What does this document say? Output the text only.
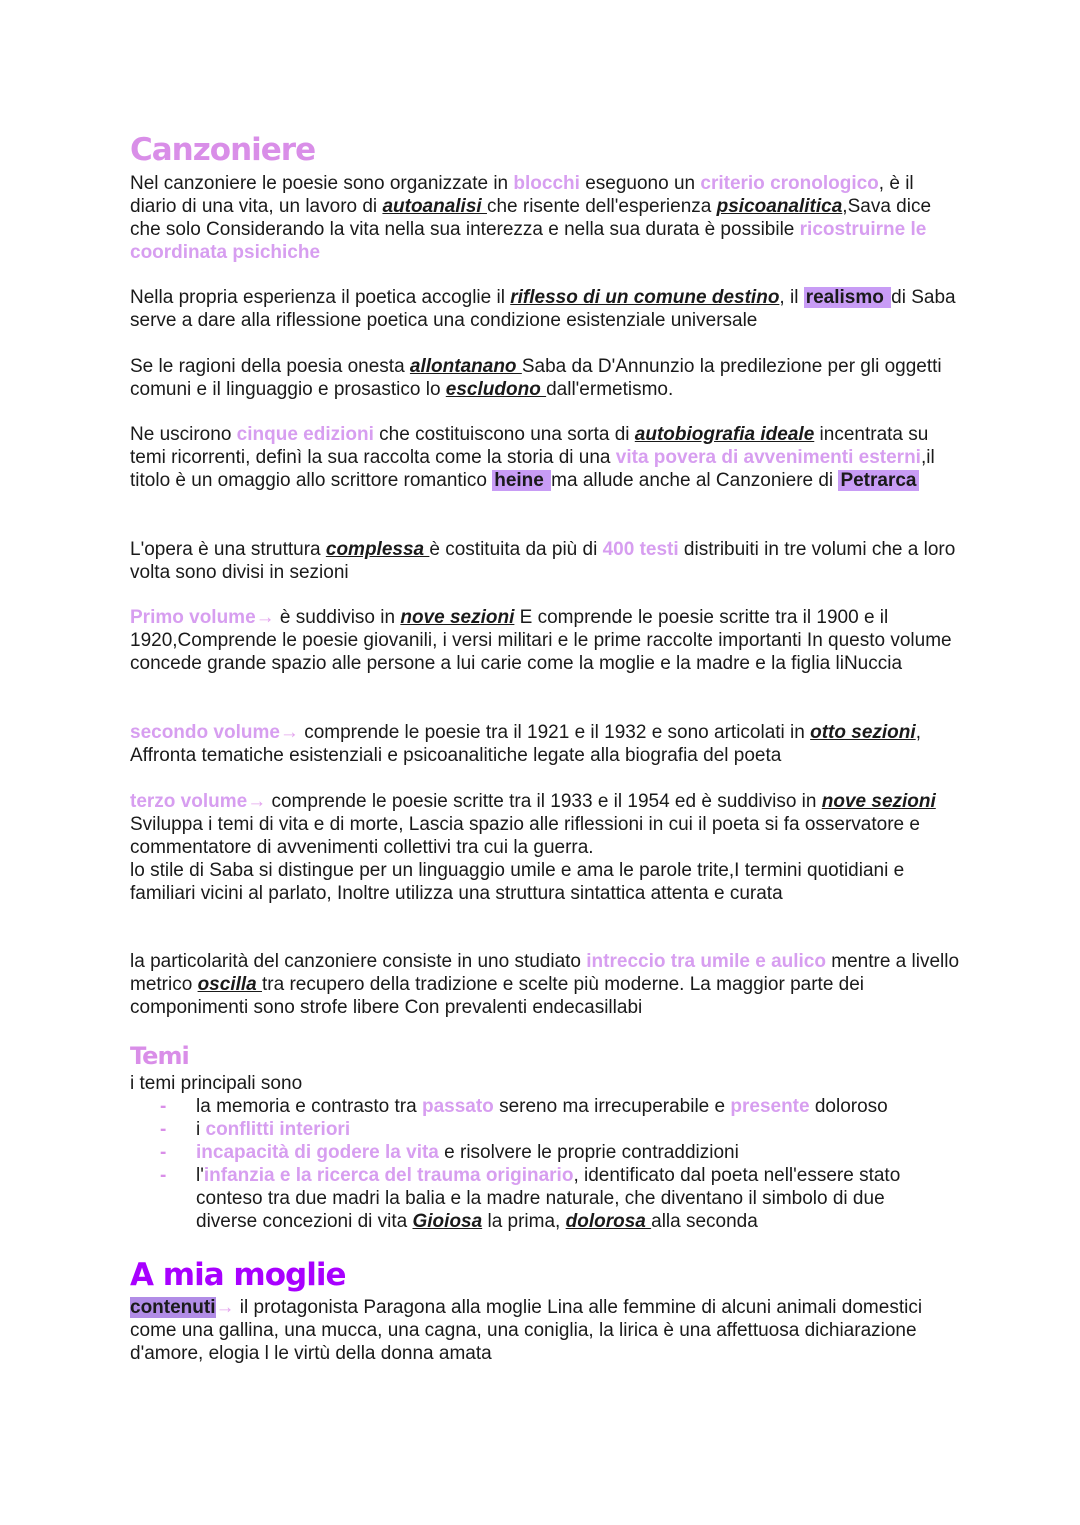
Canzoniere

Nel canzoniere le poesie sono organizzate in blocchi eseguono un criterio cronologico, è il diario di una vita, un lavoro di autoanalisi che risente dell'esperienza psicoanalitica,Sava dice che solo Considerando la vita nella sua interezza e nella sua durata è possibile ricostruirne le coordinata psichiche

Nella propria esperienza il poetica accoglie il riflesso di un comune destino, il realismo di Saba serve a dare alla riflessione poetica una condizione esistenziale universale

Se le ragioni della poesia onesta allontanano Saba da D'Annunzio la predilezione per gli oggetti comuni e il linguaggio e prosastico lo escludono dall'ermetismo.

Ne uscirono cinque edizioni che costituiscono una sorta di autobiografia ideale incentrata su temi ricorrenti, definì la sua raccolta come la storia di una vita povera di avvenimenti esterni,il titolo è un omaggio allo scrittore romantico heine ma allude anche al Canzoniere di Petrarca

L'opera è una struttura complessa è costituita da più di 400 testi distribuiti in tre volumi che a loro volta sono divisi in sezioni

Primo volume→ è suddiviso in nove sezioni E comprende le poesie scritte tra il 1900 e il 1920,Comprende le poesie giovanili, i versi militari e le prime raccolte importanti In questo volume concede grande spazio alle persone a lui carie come la moglie e la madre e la figlia liNuccia

secondo volume→ comprende le poesie tra il 1921 e il 1932 e sono articolati in otto sezioni, Affronta tematiche esistenziali e psicoanalitiche legate alla biografia del poeta

terzo volume→ comprende le poesie scritte tra il 1933 e il 1954 ed è suddiviso in nove sezioni
Sviluppa i temi di vita e di morte, Lascia spazio alle riflessioni in cui il poeta si fa osservatore e commentatore di avvenimenti collettivi tra cui la guerra.
lo stile di Saba si distingue per un linguaggio umile e ama le parole trite,I termini quotidiani e familiari vicini al parlato, Inoltre utilizza una struttura sintattica attenta e curata

la particolarità del canzoniere consiste in uno studiato intreccio tra umile e aulico mentre a livello metrico oscilla tra recupero della tradizione e scelte più moderne. La maggior parte dei componimenti sono strofe libere Con prevalenti endecasillabi

Temi

i temi principali sono

- la memoria e contrasto tra passato sereno ma irrecuperabile e presente doloroso
- i conflitti interiori
- incapacità di godere la vita e risolvere le proprie contraddizioni
- l'infanzia e la ricerca del trauma originario, identificato dal poeta nell'essere stato conteso tra due madri la balia e la madre naturale, che diventano il simbolo di due diverse concezioni di vita Gioiosa la prima, dolorosa alla seconda
A mia moglie

contenuti→ il protagonista Paragona alla moglie Lina alle femmine di alcuni animali domestici come una gallina, una mucca, una cagna, una coniglia, la lirica è una affettuosa dichiarazione d'amore, elogia l le virtù della donna amata
